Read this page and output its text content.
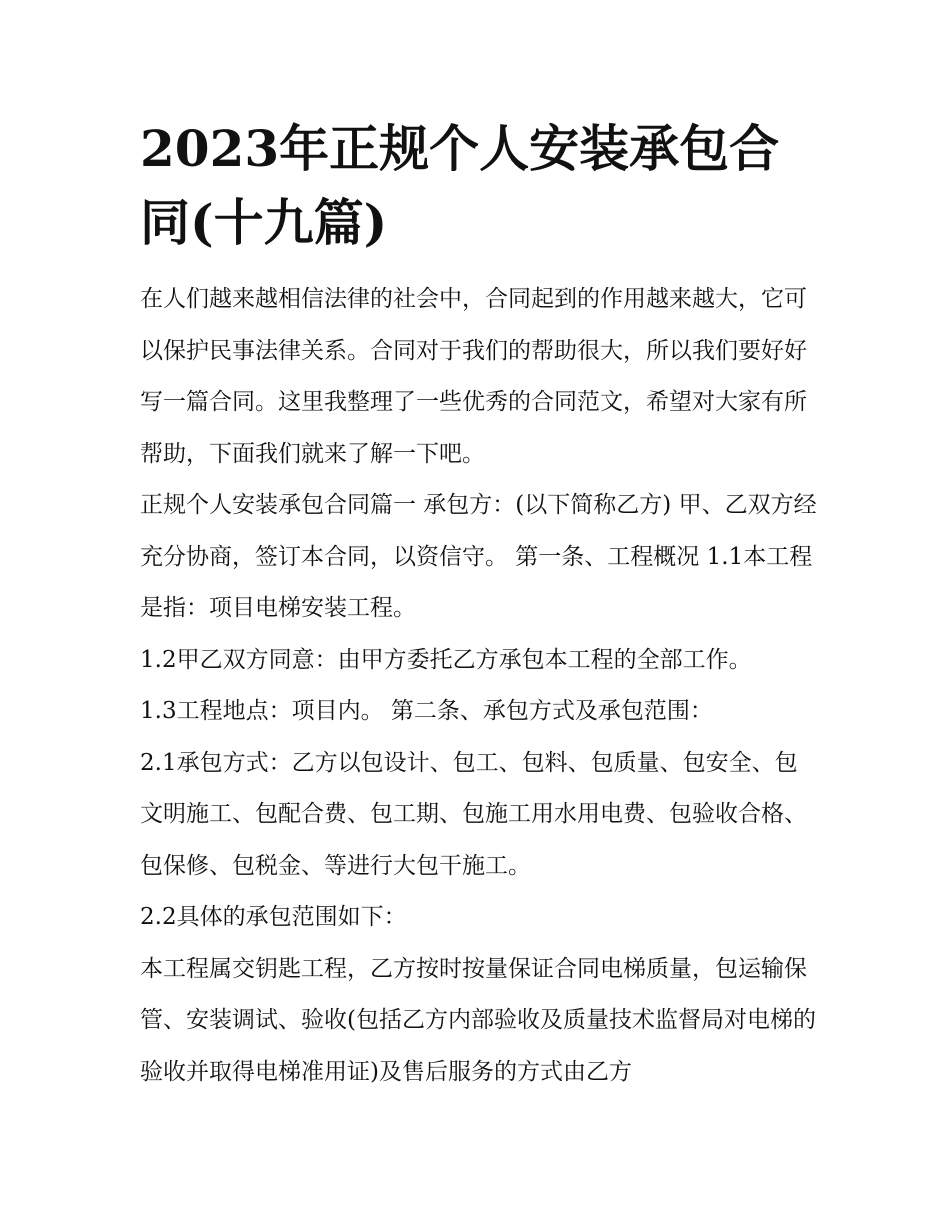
2023年正规个人安装承包合同(十九篇)

在人们越来越相信法律的社会中，合同起到的作用越来越大，它可以保护民事法律关系。合同对于我们的帮助很大，所以我们要好好写一篇合同。这里我整理了一些优秀的合同范文，希望对大家有所帮助，下面我们就来了解一下吧。

正规个人安装承包合同篇一 承包方：(以下简称乙方) 甲、乙双方经充分协商，签订本合同，以资信守。 第一条、工程概况 1.1本工程是指：项目电梯安装工程。

1.2甲乙双方同意：由甲方委托乙方承包本工程的全部工作。

1.3工程地点：项目内。 第二条、承包方式及承包范围：

2.1承包方式：乙方以包设计、包工、包料、包质量、包安全、包文明施工、包配合费、包工期、包施工用水用电费、包验收合格、包保修、包税金、等进行大包干施工。

2.2具体的承包范围如下：

本工程属交钥匙工程，乙方按时按量保证合同电梯质量，包运输保管、安装调试、验收(包括乙方内部验收及质量技术监督局对电梯的验收并取得电梯准用证)及售后服务的方式由乙方
